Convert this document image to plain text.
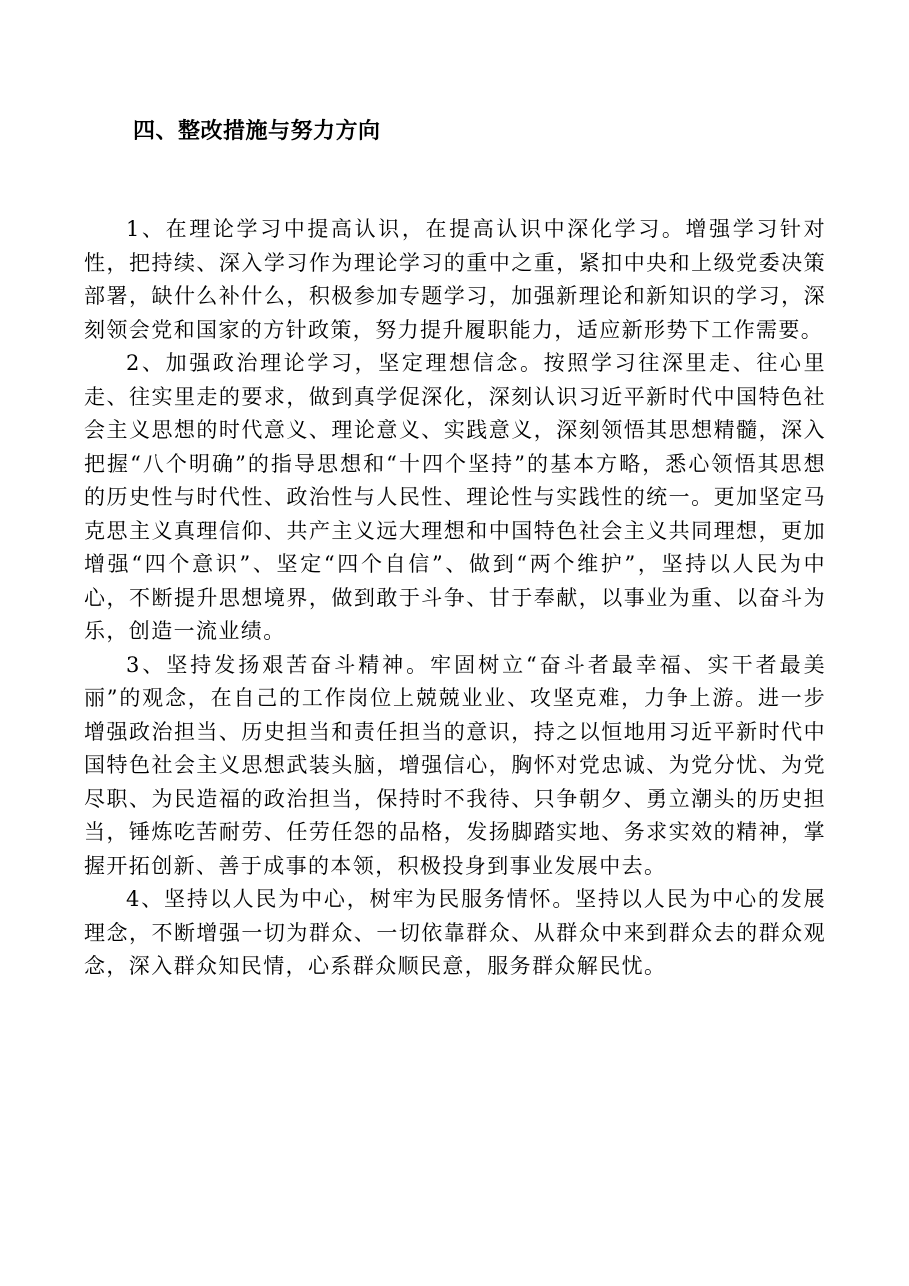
四、整改措施与努力方向

1、在理论学习中提高认识，在提高认识中深化学习。增强学习针对性，把持续、深入学习作为理论学习的重中之重，紧扣中央和上级党委决策部署，缺什么补什么，积极参加专题学习，加强新理论和新知识的学习，深刻领会党和国家的方针政策，努力提升履职能力，适应新形势下工作需要。

2、加强政治理论学习，坚定理想信念。按照学习往深里走、往心里走、往实里走的要求，做到真学促深化，深刻认识习近平新时代中国特色社会主义思想的时代意义、理论意义、实践意义，深刻领悟其思想精髓，深入把握“八个明确”的指导思想和“十四个坚持”的基本方略，悉心领悟其思想的历史性与时代性、政治性与人民性、理论性与实践性的统一。更加坚定马克思主义真理信仰、共产主义远大理想和中国特色社会主义共同理想，更加增强“四个意识”、坚定“四个自信”、做到“两个维护”，坚持以人民为中心，不断提升思想境界，做到敢于斗争、甘于奉献，以事业为重、以奋斗为乐，创造一流业绩。

3、坚持发扬艰苦奋斗精神。牢固树立“奋斗者最幸福、实干者最美丽”的观念，在自己的工作岗位上兢兢业业、攻坚克难，力争上游。进一步增强政治担当、历史担当和责任担当的意识，持之以恒地用习近平新时代中国特色社会主义思想武装头脑，增强信心，胸怀对党忠诚、为党分忧、为党尽职、为民造福的政治担当，保持时不我待、只争朝夕、勇立潮头的历史担当，锤炼吃苦耐劳、任劳任怨的品格，发扬脚踏实地、务求实效的精神，掌握开拓创新、善于成事的本领，积极投身到事业发展中去。

4、坚持以人民为中心，树牢为民服务情怀。坚持以人民为中心的发展理念，不断增强一切为群众、一切依靠群众、从群众中来到群众去的群众观念，深入群众知民情，心系群众顺民意，服务群众解民忧。
